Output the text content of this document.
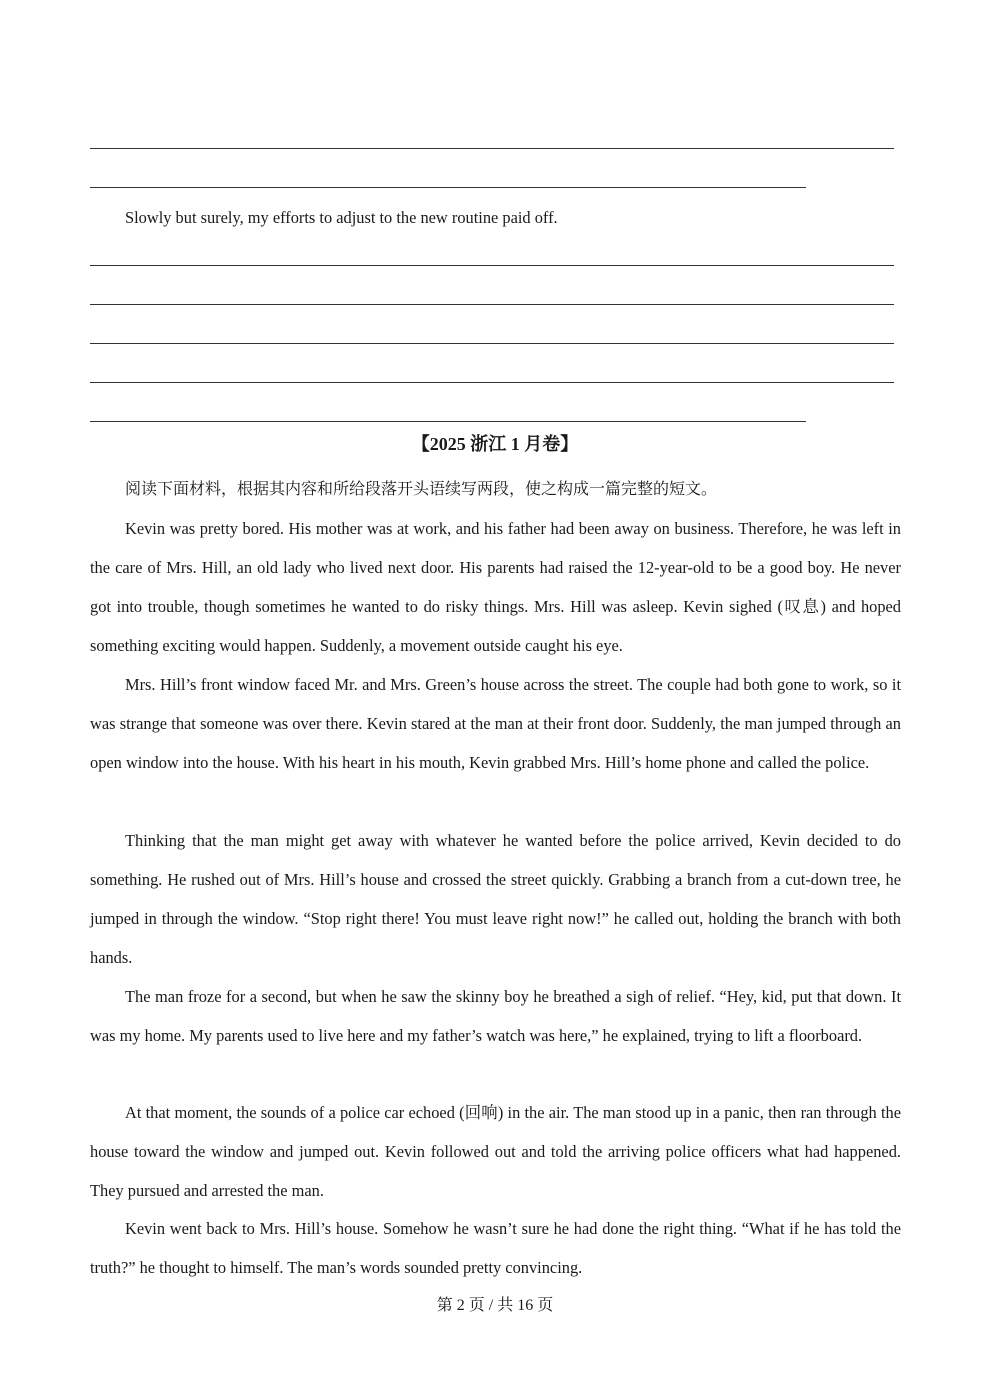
Slowly but surely, my efforts to adjust to the new routine paid off.

【2025 浙江 1 月卷】

阅读下面材料，根据其内容和所给段落开头语续写两段，使之构成一篇完整的短文。

Kevin was pretty bored. His mother was at work, and his father had been away on business. Therefore, he was left in the care of Mrs. Hill, an old lady who lived next door. His parents had raised the 12-year-old to be a good boy. He never got into trouble, though sometimes he wanted to do risky things. Mrs. Hill was asleep. Kevin sighed (叹息) and hoped something exciting would happen. Suddenly, a movement outside caught his eye.

Mrs. Hill’s front window faced Mr. and Mrs. Green’s house across the street. The couple had both gone to work, so it was strange that someone was over there. Kevin stared at the man at their front door. Suddenly, the man jumped through an open window into the house. With his heart in his mouth, Kevin grabbed Mrs. Hill’s home phone and called the police.

Thinking that the man might get away with whatever he wanted before the police arrived, Kevin decided to do something. He rushed out of Mrs. Hill’s house and crossed the street quickly. Grabbing a branch from a cut-down tree, he jumped in through the window. “Stop right there! You must leave right now!” he called out, holding the branch with both hands.

The man froze for a second, but when he saw the skinny boy he breathed a sigh of relief. “Hey, kid, put that down. It was my home. My parents used to live here and my father’s watch was here,” he explained, trying to lift a floorboard.

At that moment, the sounds of a police car echoed (回响) in the air. The man stood up in a panic, then ran through the house toward the window and jumped out. Kevin followed out and told the arriving police officers what had happened. They pursued and arrested the man.

Kevin went back to Mrs. Hill’s house. Somehow he wasn’t sure he had done the right thing. “What if he has told the truth?” he thought to himself. The man’s words sounded pretty convincing.

第 2 页 / 共 16 页
